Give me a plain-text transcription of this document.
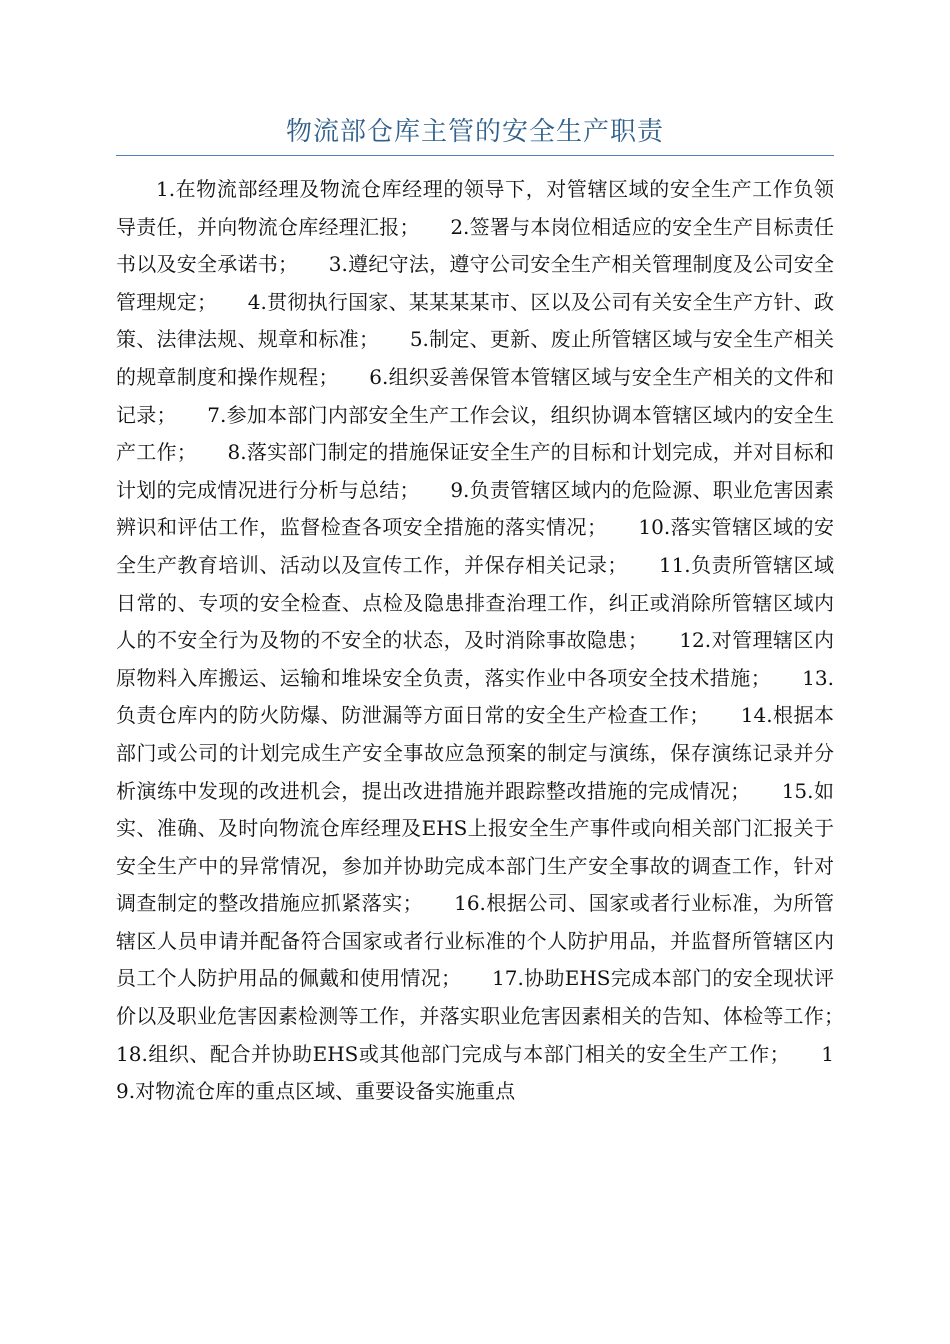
物流部仓库主管的安全生产职责

1.在物流部经理及物流仓库经理的领导下，对管辖区域的安全生产工作负领导责任，并向物流仓库经理汇报；　　2.签署与本岗位相适应的安全生产目标责任书以及安全承诺书；　　3.遵纪守法，遵守公司安全生产相关管理制度及公司安全管理规定；　　4.贯彻执行国家、某某某某市、区以及公司有关安全生产方针、政策、法律法规、规章和标准；　　5.制定、更新、废止所管辖区域与安全生产相关的规章制度和操作规程；　　6.组织妥善保管本管辖区域与安全生产相关的文件和记录；　　7.参加本部门内部安全生产工作会议，组织协调本管辖区域内的安全生产工作；　　8.落实部门制定的措施保证安全生产的目标和计划完成，并对目标和计划的完成情况进行分析与总结；　　9.负责管辖区域内的危险源、职业危害因素辨识和评估工作，监督检查各项安全措施的落实情况；　　10.落实管辖区域的安全生产教育培训、活动以及宣传工作，并保存相关记录；　　11.负责所管辖区域日常的、专项的安全检查、点检及隐患排查治理工作，纠正或消除所管辖区域内人的不安全行为及物的不安全的状态，及时消除事故隐患；　　12.对管理辖区内原物料入库搬运、运输和堆垛安全负责，落实作业中各项安全技术措施；　　13.负责仓库内的防火防爆、防泄漏等方面日常的安全生产检查工作；　　14.根据本部门或公司的计划完成生产安全事故应急预案的制定与演练，保存演练记录并分析演练中发现的改进机会，提出改进措施并跟踪整改措施的完成情况；　　15.如实、准确、及时向物流仓库经理及EHS上报安全生产事件或向相关部门汇报关于安全生产中的异常情况，参加并协助完成本部门生产安全事故的调查工作，针对调查制定的整改措施应抓紧落实；　　16.根据公司、国家或者行业标准，为所管辖区人员申请并配备符合国家或者行业标准的个人防护用品，并监督所管辖区内员工个人防护用品的佩戴和使用情况；　　17.协助EHS完成本部门的安全现状评价以及职业危害因素检测等工作，并落实职业危害因素相关的告知、体检等工作；　　18.组织、配合并协助EHS或其他部门完成与本部门相关的安全生产工作；　　19.对物流仓库的重点区域、重要设备实施重点
